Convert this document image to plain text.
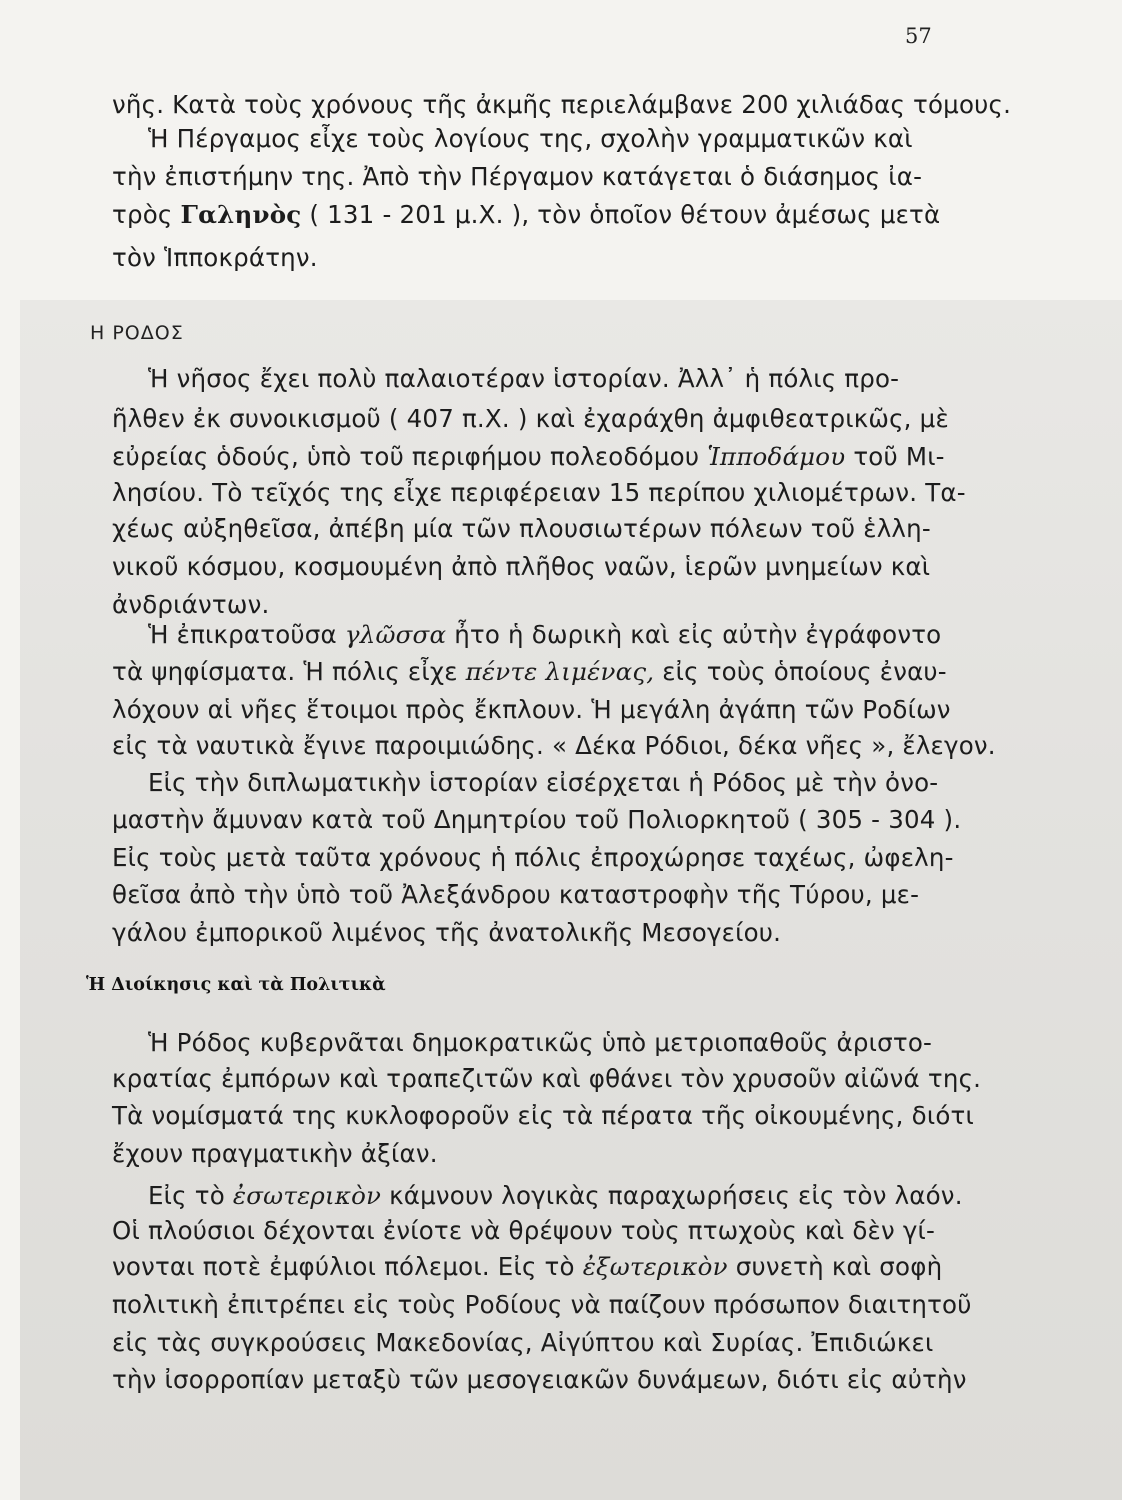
57
νῆς. Κατὰ τοὺς χρόνους τῆς ἀκμῆς περιελάμβανε 200 χιλιάδας τόμους.
Ἡ Πέργαμος εἶχε τοὺς λογίους της, σχολὴν γραμματικῶν καὶ
τὴν ἐπιστήμην της. Ἀπὸ τὴν Πέργαμον κατάγεται ὁ διάσημος ἰα-
τρὸς Γαληνὸς ( 131 - 201 μ.Χ. ), τὸν ὁποῖον θέτουν ἀμέσως μετὰ
τὸν Ἱπποκράτην.
Η ΡΟΔΟΣ
Ἡ νῆσος ἔχει πολὺ παλαιοτέραν ἱστορίαν. Ἀλλ᾿ ἡ πόλις προ-
ῆλθεν ἐκ συνοικισμοῦ ( 407 π.Χ. ) καὶ ἐχαράχθη ἀμφιθεατρικῶς, μὲ
εὐρείας ὁδούς, ὑπὸ τοῦ περιφήμου πολεοδόμου Ἱπποδάμου τοῦ Μι-
λησίου. Τὸ τεῖχός της εἶχε περιφέρειαν 15 περίπου χιλιομέτρων. Τα-
χέως αὐξηθεῖσα, ἀπέβη μία τῶν πλουσιωτέρων πόλεων τοῦ ἑλλη-
νικοῦ κόσμου, κοσμουμένη ἀπὸ πλῆθος ναῶν, ἱερῶν μνημείων καὶ
ἀνδριάντων.
Ἡ ἐπικρατοῦσα γλῶσσα ἦτο ἡ δωρικὴ καὶ εἰς αὐτὴν ἐγράφοντο
τὰ ψηφίσματα. Ἡ πόλις εἶχε πέντε λιμένας, εἰς τοὺς ὁποίους ἐναυ-
λόχουν αἱ νῆες ἕτοιμοι πρὸς ἔκπλουν. Ἡ μεγάλη ἀγάπη τῶν Ροδίων
εἰς τὰ ναυτικὰ ἔγινε παροιμιώδης. « Δέκα Ρόδιοι, δέκα νῆες », ἔλεγον.
Εἰς τὴν διπλωματικὴν ἱστορίαν εἰσέρχεται ἡ Ρόδος μὲ τὴν ὀνο-
μαστὴν ἄμυναν κατὰ τοῦ Δημητρίου τοῦ Πολιορκητοῦ ( 305 - 304 ).
Εἰς τοὺς μετὰ ταῦτα χρόνους ἡ πόλις ἐπροχώρησε ταχέως, ὠφελη-
θεῖσα ἀπὸ τὴν ὑπὸ τοῦ Ἀλεξάνδρου καταστροφὴν τῆς Τύρου, με-
γάλου ἐμπορικοῦ λιμένος τῆς ἀνατολικῆς Μεσογείου.
Ἡ Διοίκησις καὶ τὰ Πολιτικὰ
Ἡ Ρόδος κυβερνᾶται δημοκρατικῶς ὑπὸ μετριοπαθοῦς ἀριστο-
κρατίας ἐμπόρων καὶ τραπεζιτῶν καὶ φθάνει τὸν χρυσοῦν αἰῶνά της.
Τὰ νομίσματά της κυκλοφοροῦν εἰς τὰ πέρατα τῆς οἰκουμένης, διότι
ἔχουν πραγματικὴν ἀξίαν.
Εἰς τὸ ἐσωτερικὸν κάμνουν λογικὰς παραχωρήσεις εἰς τὸν λαόν.
Οἱ πλούσιοι δέχονται ἐνίοτε νὰ θρέψουν τοὺς πτωχοὺς καὶ δὲν γί-
νονται ποτὲ ἐμφύλιοι πόλεμοι. Εἰς τὸ ἐξωτερικὸν συνετὴ καὶ σοφὴ
πολιτικὴ ἐπιτρέπει εἰς τοὺς Ροδίους νὰ παίζουν πρόσωπον διαιτητοῦ
εἰς τὰς συγκρούσεις Μακεδονίας, Αἰγύπτου καὶ Συρίας. Ἐπιδιώκει
τὴν ἰσορροπίαν μεταξὺ τῶν μεσογειακῶν δυνάμεων, διότι εἰς αὐτὴν
